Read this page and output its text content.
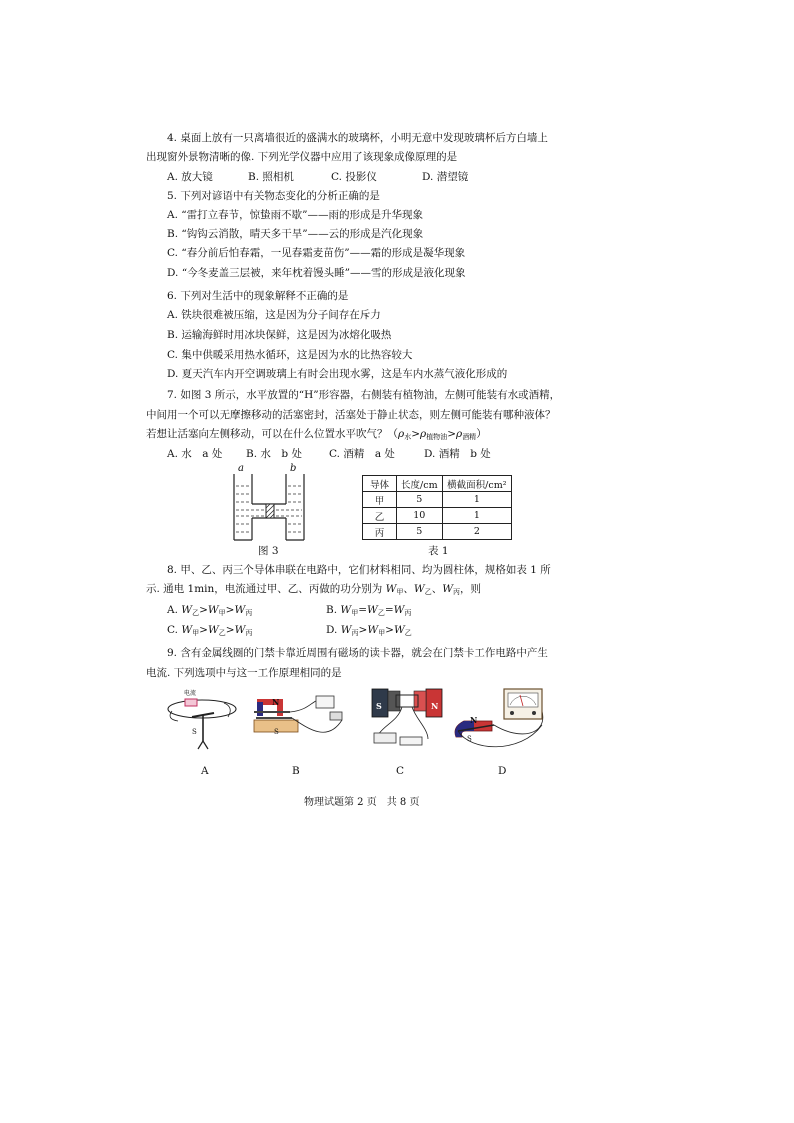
4. 桌面上放有一只离墙很近的盛满水的玻璃杯，小明无意中发现玻璃杯后方白墙上
出现窗外景物清晰的像. 下列光学仪器中应用了该现象成像原理的是
A. 放大镜	B. 照相机	C. 投影仪	D. 潜望镜
5. 下列对谚语中有关物态变化的分析正确的是
A. “雷打立春节，惊蛰雨不歇”——雨的形成是升华现象
B. “钩钩云消散，晴天多干旱”——云的形成是汽化现象
C. “春分前后怕春霜，一见春霜麦苗伤”——霜的形成是凝华现象
D. “今冬麦盖三层被，来年枕着馒头睡”——雪的形成是液化现象
6. 下列对生活中的现象解释不正确的是
A. 铁块很难被压缩，这是因为分子间存在斥力
B. 运输海鲜时用冰块保鲜，这是因为冰熔化吸热
C. 集中供暖采用热水循环，这是因为水的比热容较大
D. 夏天汽车内开空调玻璃上有时会出现水雾，这是车内水蒸气液化形成的
7. 如图 3 所示，水平放置的“H”形容器，右侧装有植物油，左侧可能装有水或酒精，
中间用一个可以无摩擦移动的活塞密封，活塞处于静止状态，则左侧可能装有哪种液体？
若想让活塞向左侧移动，可以在什么位置水平吹气？$(\rho_水>\rho_{植物油}>\rho_{酒精})$
A. 水　a 处 B. 水　b 处	C. 酒精　a 处	D. 酒精　b 处
a	b
图 3
导体	长度/cm	横截面积/cm²
甲	5	1
乙	10	1
丙	5	2
表 1
8. 甲、乙、丙三个导体串联在电路中，它们材料相同、均为圆柱体，规格如表 1 所
示. 通电 1min，电流通过甲、乙、丙做的功分别为 $W_甲$、$W_乙$、$W_丙$，则
A. $W_乙>W_甲>W_丙$	B. $W_甲=W_乙=W_丙$
C. $W_甲>W_乙>W_丙$	D. $W_丙>W_甲>W_乙$
9. 含有金属线圈的门禁卡靠近周围有磁场的读卡器，就会在门禁卡工作电路中产生
电流. 下列选项中与这一工作原理相同的是
电流
S
N
S
S	N
N
S
A	B	C	D
物理试题第 2 页　共 8 页
